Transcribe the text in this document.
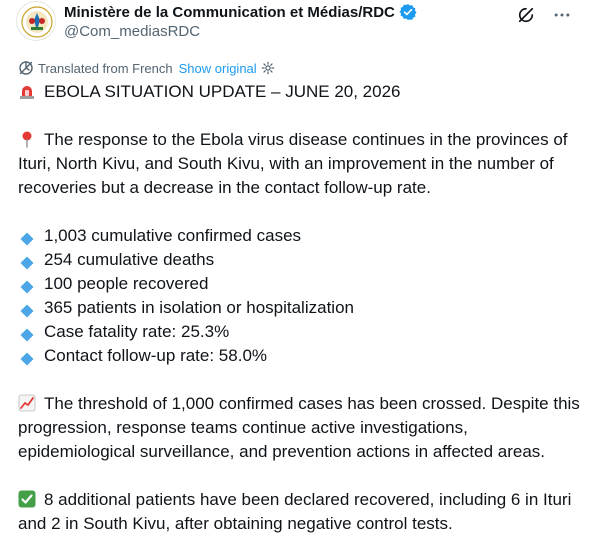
Ministère de la Communication et Médias/RDC
@Com_mediasRDC
Translated from French Show original

EBOLA SITUATION UPDATE – JUNE 20, 2026

The response to the Ebola virus disease continues in the provinces of Ituri, North Kivu, and South Kivu, with an improvement in the number of recoveries but a decrease in the contact follow-up rate.

1,003 cumulative confirmed cases
254 cumulative deaths
100 people recovered
365 patients in isolation or hospitalization
Case fatality rate: 25.3%
Contact follow-up rate: 58.0%

The threshold of 1,000 confirmed cases has been crossed. Despite this progression, response teams continue active investigations, epidemiological surveillance, and prevention actions in affected areas.

8 additional patients have been declared recovered, including 6 in Ituri and 2 in South Kivu, after obtaining negative control tests.
